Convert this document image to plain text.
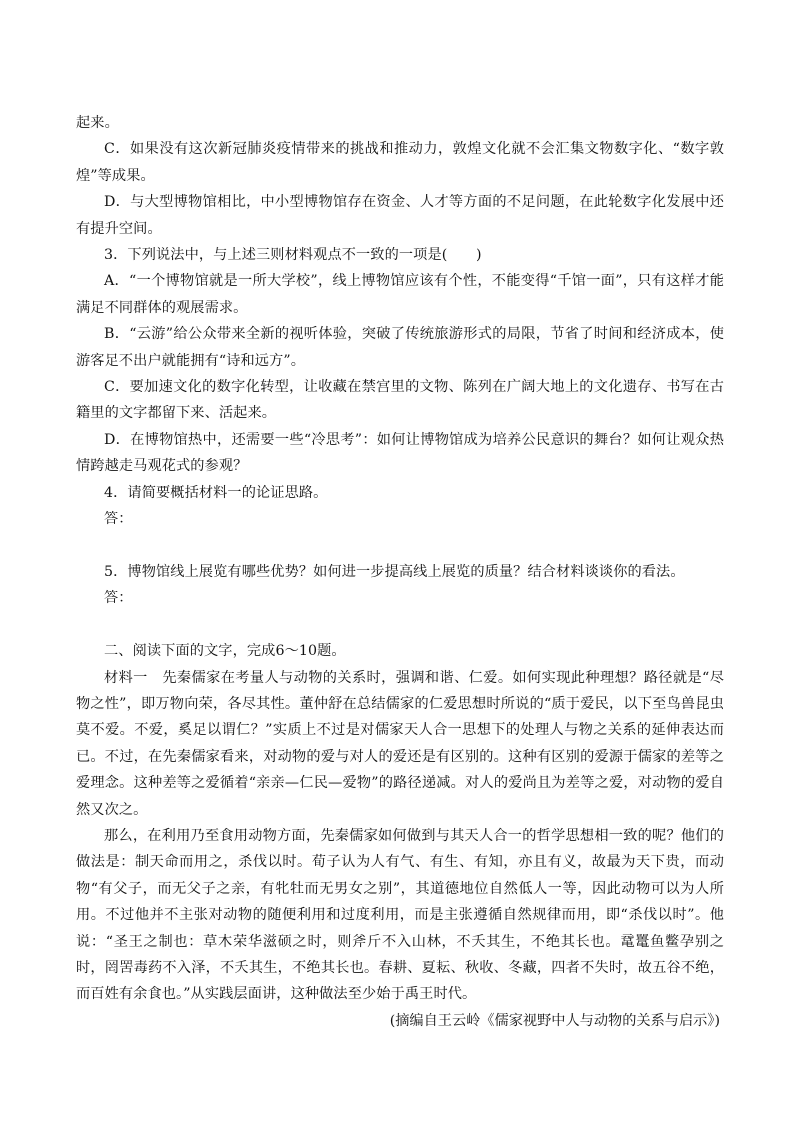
起来。

C．如果没有这次新冠肺炎疫情带来的挑战和推动力，敦煌文化就不会汇集文物数字化、“数字敦煌”等成果。

D．与大型博物馆相比，中小型博物馆存在资金、人才等方面的不足问题，在此轮数字化发展中还有提升空间。

3．下列说法中，与上述三则材料观点不一致的一项是(　　)

A．“一个博物馆就是一所大学校”，线上博物馆应该有个性，不能变得“千馆一面”，只有这样才能满足不同群体的观展需求。

B．“云游”给公众带来全新的视听体验，突破了传统旅游形式的局限，节省了时间和经济成本，使游客足不出户就能拥有“诗和远方”。

C．要加速文化的数字化转型，让收藏在禁宫里的文物、陈列在广阔大地上的文化遗存、书写在古籍里的文字都留下来、活起来。

D．在博物馆热中，还需要一些“冷思考”：如何让博物馆成为培养公民意识的舞台？如何让观众热情跨越走马观花式的参观？

4．请简要概括材料一的论证思路。

答：

5．博物馆线上展览有哪些优势？如何进一步提高线上展览的质量？结合材料谈谈你的看法。

答：

二、阅读下面的文字，完成6～10题。

材料一　先秦儒家在考量人与动物的关系时，强调和谐、仁爱。如何实现此种理想？路径就是“尽物之性”，即万物向荣，各尽其性。董仲舒在总结儒家的仁爱思想时所说的“质于爱民，以下至鸟兽昆虫莫不爱。不爱，奚足以谓仁？”实质上不过是对儒家天人合一思想下的处理人与物之关系的延伸表达而已。不过，在先秦儒家看来，对动物的爱与对人的爱还是有区别的。这种有区别的爱源于儒家的差等之爱理念。这种差等之爱循着“亲亲—仁民—爱物”的路径递减。对人的爱尚且为差等之爱，对动物的爱自然又次之。

那么，在利用乃至食用动物方面，先秦儒家如何做到与其天人合一的哲学思想相一致的呢？他们的做法是：制天命而用之，杀伐以时。荀子认为人有气、有生、有知，亦且有义，故最为天下贵，而动物“有父子，而无父子之亲，有牝牡而无男女之别”，其道德地位自然低人一等，因此动物可以为人所用。不过他并不主张对动物的随便利用和过度利用，而是主张遵循自然规律而用，即“杀伐以时”。他说：“圣王之制也：草木荣华滋硕之时，则斧斤不入山林，不夭其生，不绝其长也。鼋鼍鱼鳖孕别之时，罔罟毒药不入泽，不夭其生，不绝其长也。春耕、夏耘、秋收、冬藏，四者不失时，故五谷不绝，而百姓有余食也。”从实践层面讲，这种做法至少始于禹王时代。

(摘编自王云岭《儒家视野中人与动物的关系与启示》)
